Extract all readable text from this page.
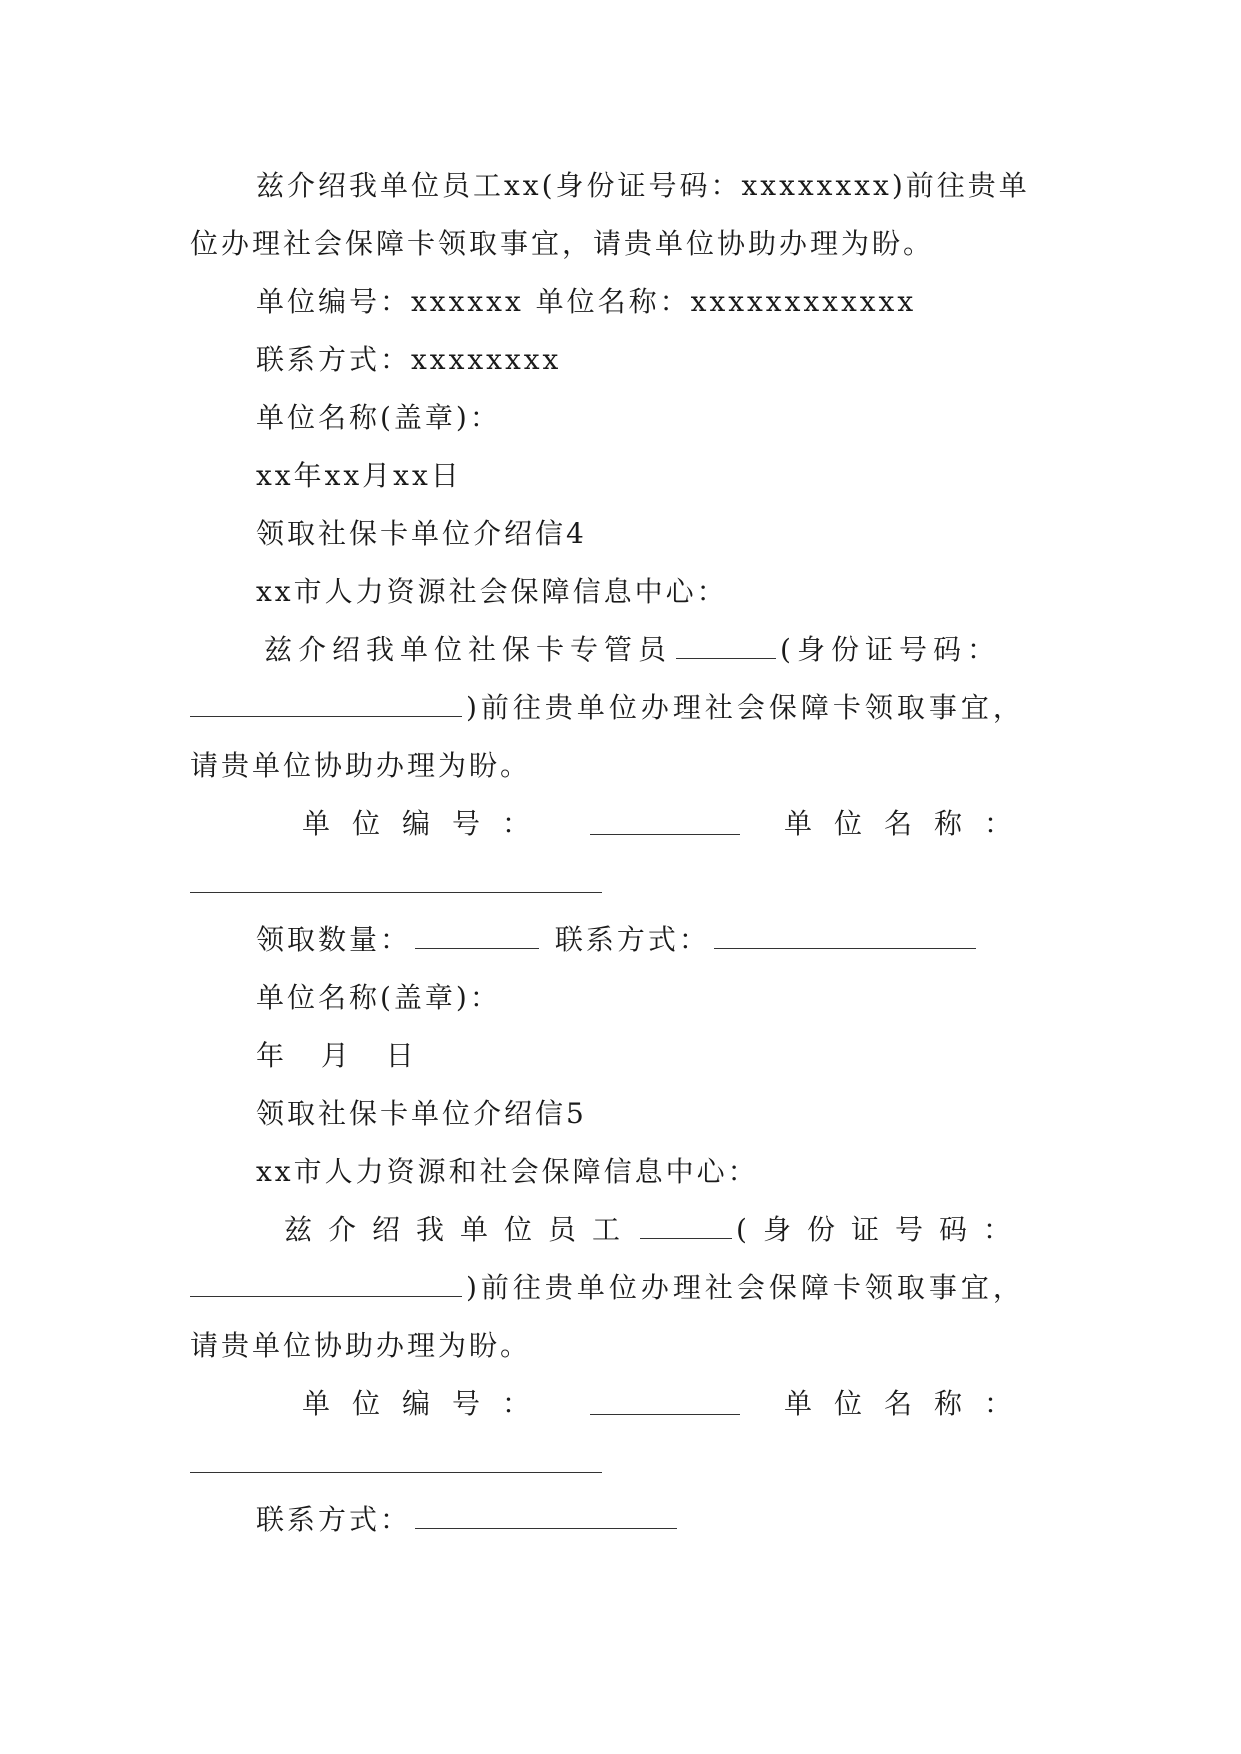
兹介绍我单位员工xx(身份证号码：xxxxxxxx)前往贵单
位办理社会保障卡领取事宜，请贵单位协助办理为盼。
单位编号：xxxxxx 单位名称：xxxxxxxxxxxx
联系方式：xxxxxxxx
单位名称(盖章)：
xx年xx月xx日
领取社保卡单位介绍信4
xx市人力资源社会保障信息中心：
兹介绍我单位社保卡专管员	(身份证号码：
)前往贵单位办理社会保障卡领取事宜，
请贵单位协助办理为盼。
单位编号：	单位名称：
领取数量：	联系方式：
单位名称(盖章)：
年 月 日
领取社保卡单位介绍信5
xx市人力资源和社会保障信息中心：
兹介绍我单位员工	(身份证号码：
)前往贵单位办理社会保障卡领取事宜，
请贵单位协助办理为盼。
单位编号：	单位名称：
联系方式：
